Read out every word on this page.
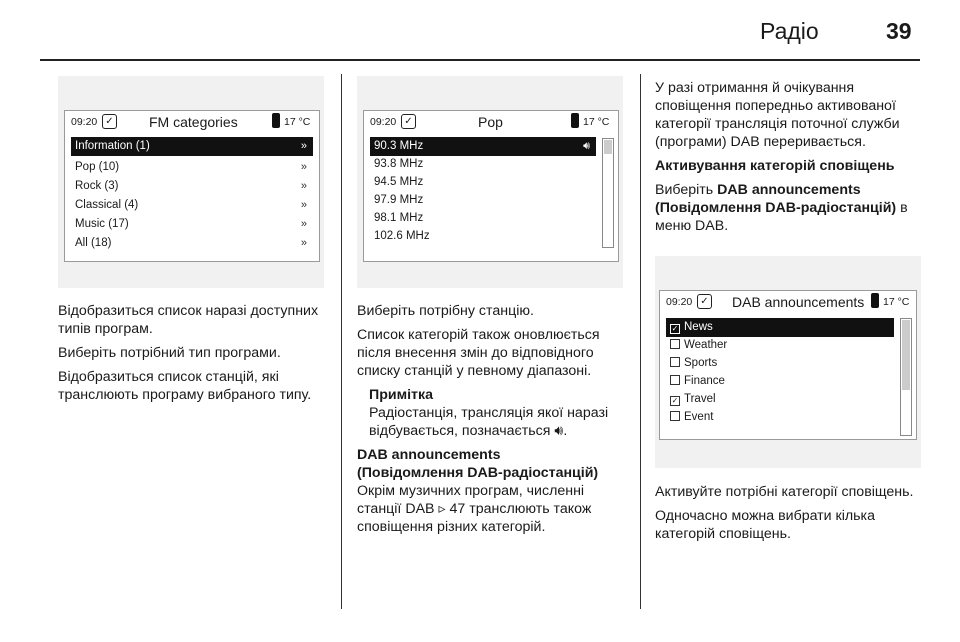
Радіо	39
09:20 ✓	FM categories	17 °C
Information (1)	»
Pop (10)	»
Rock (3)	»
Classical (4)	»
Music (17)	»
All (18)	»
09:20 ✓	Pop	17 °C
90.3 MHz	🔊︎
93.8 MHz
94.5 MHz
97.9 MHz
98.1 MHz
102.6 MHz
09:20 ✓ DAB announcements 17 °C
✓ News
Weather
Sports
Finance
✓ Travel
Event

Відобразиться список наразі доступних типів програм.

Виберіть потрібний тип програми.

Відобразиться список станцій, які транслюють програму вибраного типу.

Виберіть потрібну станцію.

Список категорій також оновлюється після внесення змін до відповідного списку станцій у певному діапазоні.

Примітка
Радіостанція, трансляція якої наразі відбувається, позначається 🔊︎.
DAB announcements
(Повідомлення DAB-радіостанцій)

Окрім музичних програм, численні станції DAB ▹ 47 транслюють також сповіщення різних категорій.

У разі отримання й очікування сповіщення попередньо активованої категорії трансляція поточної служби (програми) DAB переривається.

Активування категорій сповіщень

Виберіть DAB announcements (Повідомлення DAB-радіостанцій) в меню DAB.

Активуйте потрібні категорії сповіщень.

Одночасно можна вибрати кілька категорій сповіщень.
